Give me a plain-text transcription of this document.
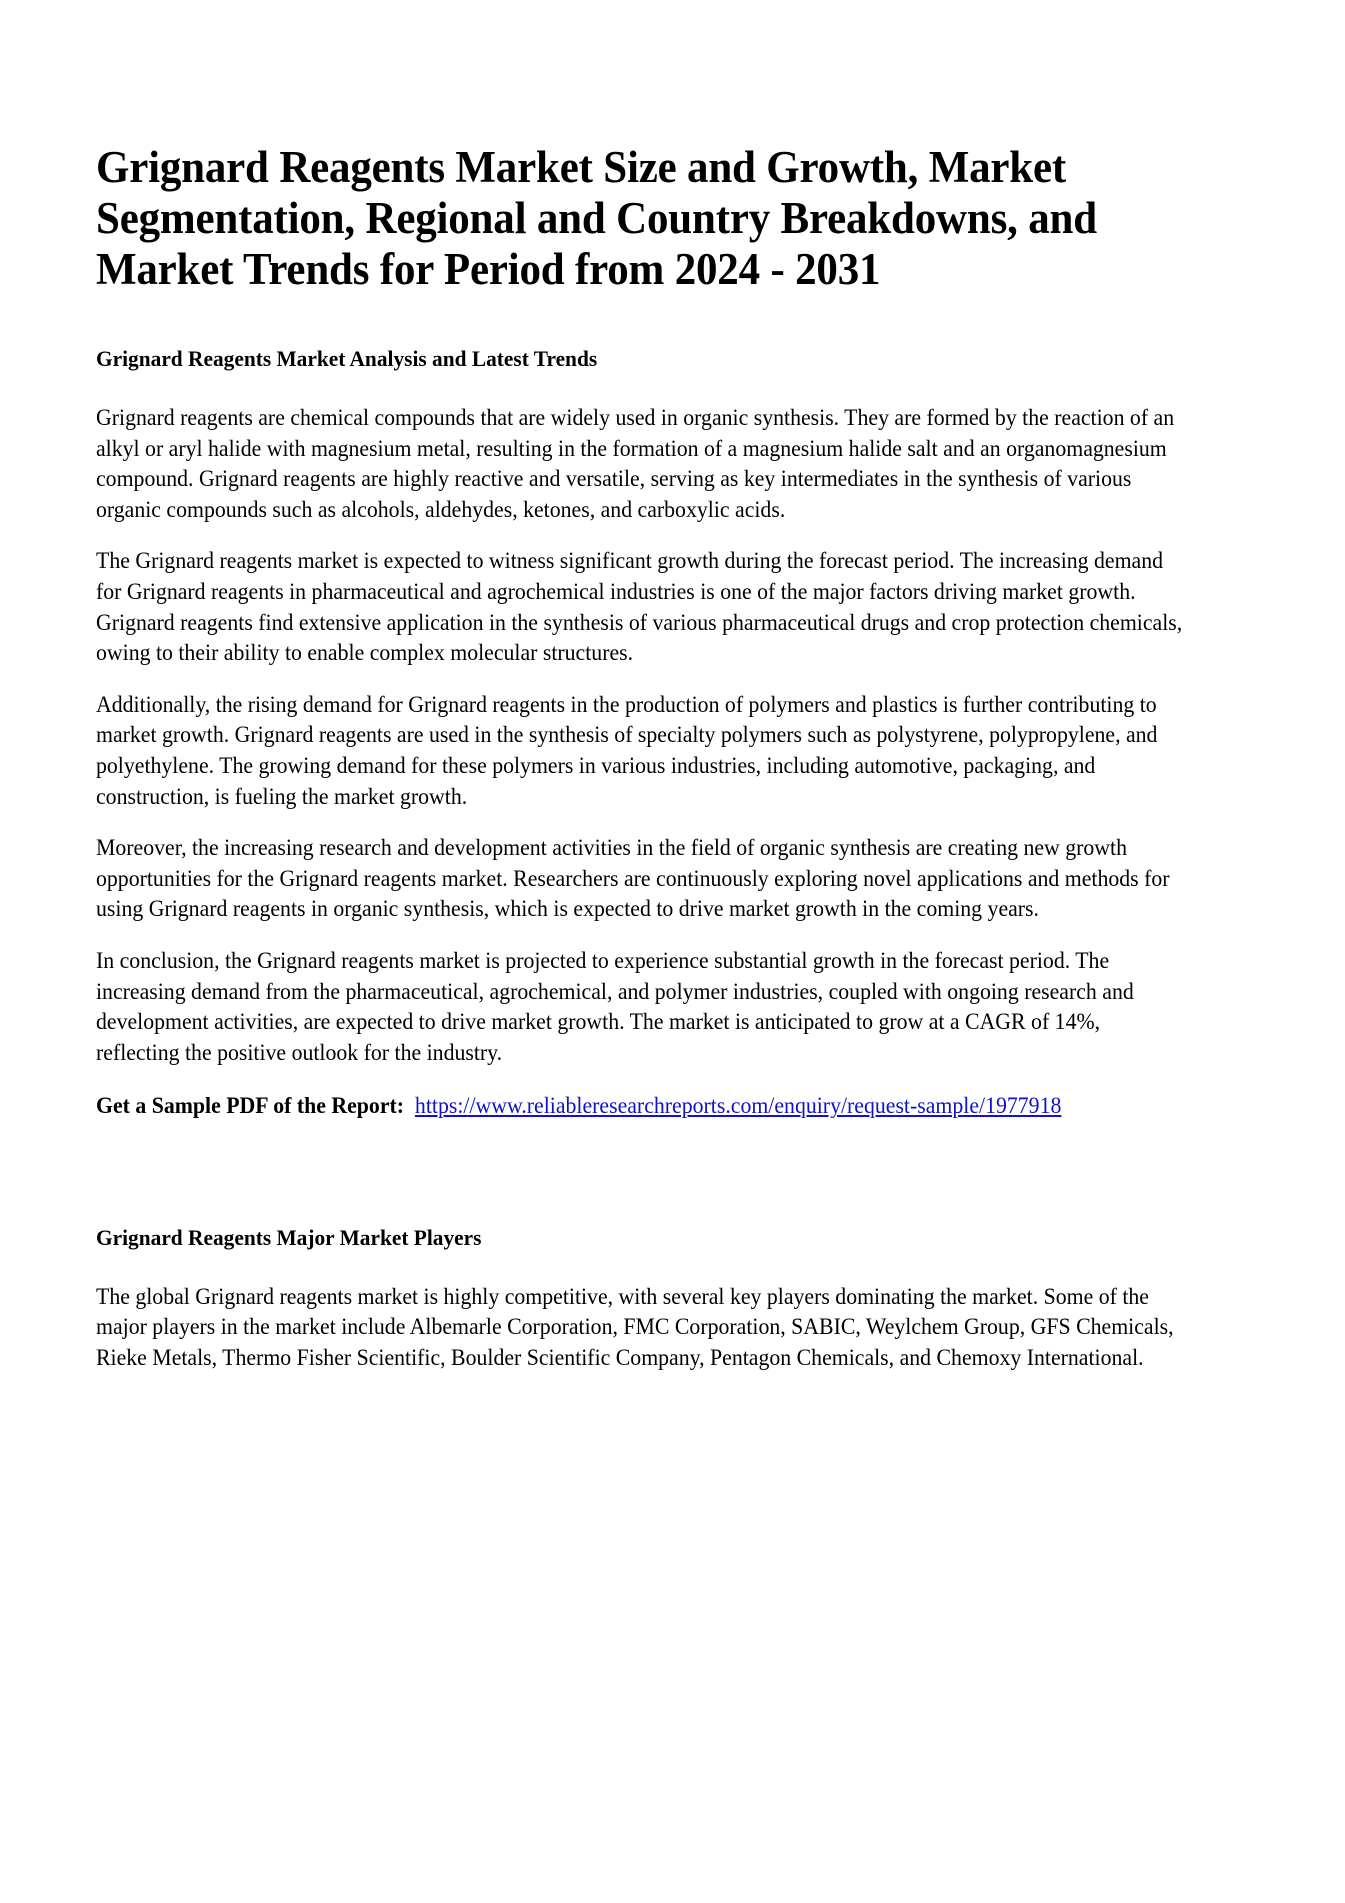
Grignard Reagents Market Size and Growth, Market Segmentation, Regional and Country Breakdowns, and Market Trends for Period from 2024 - 2031
Grignard Reagents Market Analysis and Latest Trends

Grignard reagents are chemical compounds that are widely used in organic synthesis. They are formed by the reaction of an alkyl or aryl halide with magnesium metal, resulting in the formation of a magnesium halide salt and an organomagnesium compound. Grignard reagents are highly reactive and versatile, serving as key intermediates in the synthesis of various organic compounds such as alcohols, aldehydes, ketones, and carboxylic acids.

The Grignard reagents market is expected to witness significant growth during the forecast period. The increasing demand for Grignard reagents in pharmaceutical and agrochemical industries is one of the major factors driving market growth. Grignard reagents find extensive application in the synthesis of various pharmaceutical drugs and crop protection chemicals, owing to their ability to enable complex molecular structures.

Additionally, the rising demand for Grignard reagents in the production of polymers and plastics is further contributing to market growth. Grignard reagents are used in the synthesis of specialty polymers such as polystyrene, polypropylene, and polyethylene. The growing demand for these polymers in various industries, including automotive, packaging, and construction, is fueling the market growth.

Moreover, the increasing research and development activities in the field of organic synthesis are creating new growth opportunities for the Grignard reagents market. Researchers are continuously exploring novel applications and methods for using Grignard reagents in organic synthesis, which is expected to drive market growth in the coming years.

In conclusion, the Grignard reagents market is projected to experience substantial growth in the forecast period. The increasing demand from the pharmaceutical, agrochemical, and polymer industries, coupled with ongoing research and development activities, are expected to drive market growth. The market is anticipated to grow at a CAGR of 14%, reflecting the positive outlook for the industry.

Get a Sample PDF of the Report: https://www.reliableresearchreports.com/enquiry/request-sample/1977918
Grignard Reagents Major Market Players

The global Grignard reagents market is highly competitive, with several key players dominating the market. Some of the major players in the market include Albemarle Corporation, FMC Corporation, SABIC, Weylchem Group, GFS Chemicals, Rieke Metals, Thermo Fisher Scientific, Boulder Scientific Company, Pentagon Chemicals, and Chemoxy International.
